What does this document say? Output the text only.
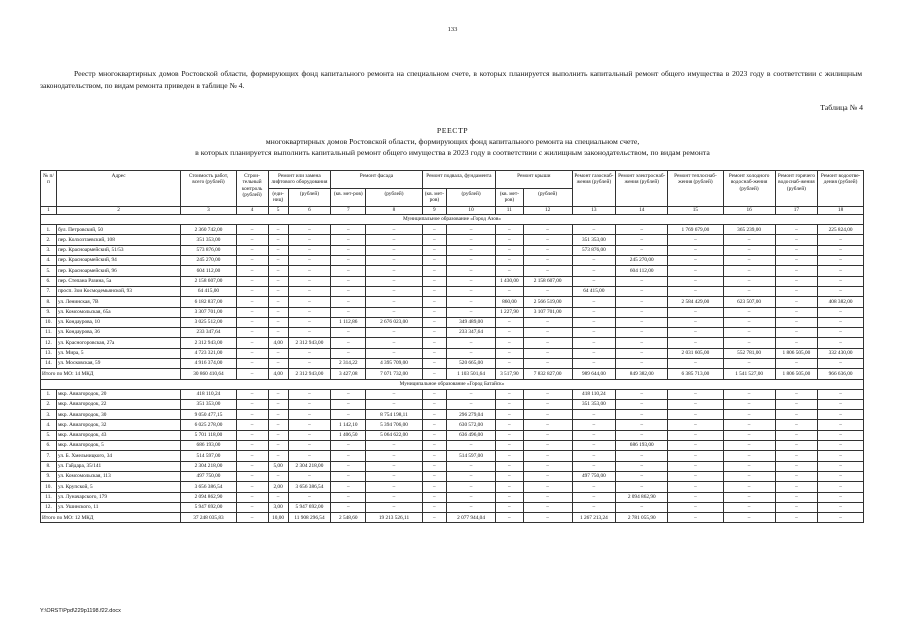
133
Реестр многоквартирных домов Ростовской области, формирующих фонд капитального ремонта на специальном счете, в которых планируется выполнить капитальный ремонт общего имущества в 2023 году в соответствии с жилищным законодательством, по видам ремонта приведен в таблице № 4.
Таблица № 4
РЕЕСТР
многоквартирных домов Ростовской области, формирующих фонд капитального ремонта на специальном счете,
в которых планируется выполнить капитальный ремонт общего имущества в 2023 году в соответствии с жилищным законодательством, по видам ремонта
№ п/п	Адрес	Стоимость работ, всего (рублей)	Строи-тельный контроль (рублей)	Ремонт или замена лифтового оборудования		Ремонт фасада		Ремонт подвала, фундамента		Ремонт крыши		Ремонт газоснаб-жения (рублей)	Ремонт электроснаб-жения (рублей)	Ремонт теплоснаб-жения (рублей)	Ремонт холодного водоснаб-жения (рублей)	Ремонт горячего водоснаб-жения (рублей)	Ремонт водоотве-дения (рублей)
				(еди-ниц)	(рублей)	(кв. мет-ров)	(рублей)	(кв. мет-ров)	(рублей)	(кв. мет-ров)	(рублей)						
1	2	3	4	5	6	7	8	9	10	11	12	13	14	15	16	17	18
Муниципальное образование «Город Азов»																	
1.	бул. Петровский, 50	2 360 742,00	–	–	–	–	–	–	–	–	–	–	–	1 769 679,00	365 239,00	–	225 824,00
2.	пер. Колхозтаевский, 108	351 353,00	–	–	–	–	–	–	–	–	–	351 353,00	–	–	–	–	–
3.	пер. Красноармейский, 51/53	573 876,00	–	–	–	–	–	–	–	–	–	573 876,00	–	–	–	–	–
4.	пер. Красноармейский, 94	245 270,00	–	–	–	–	–	–	–	–	–	–	245 270,00	–	–	–	–
5.	пер. Красноармейский, 96	604 112,00	–	–	–	–	–	–	–	–	–	–	604 112,00	–	–	–	–
6.	пер. Степана Разина, 5а	2 158 607,00	–	–	–	–	–	–	–	1 430,00	2 158 607,00	–	–	–	–	–	–
7.	просп. Зои Космодемьянской, 93	64 415,00	–	–	–	–	–	–	–	–	–	64 415,00	–	–	–	–	–
8.	ул. Ленинская, 7В	6 182 837,00	–	–	–	–	–	–	–	860,00	2 566 519,00	–	–	2 584 429,00	623 507,00	–	408 382,00
9.	ул. Комсомольская, 65а	3 307 701,00	–	–	–	–	–	–	–	1 227,90	3 107 701,00	–	–	–	–	–	–
10.	ул. Кондаурова, 10	3 025 512,00	–	–	–	1 112,86	2 676 023,00	–	349 489,00	–	–	–	–	–	–	–	–
11.	ул. Кондаурова, 36	233 347,64	–	–	–	–	–	–	233 347,64	–	–	–	–	–	–	–	–
12.	ул. Красногоровская, 27а	2 312 943,00	–	4,00	2 312 943,00	–	–	–	–	–	–	–	–	–	–	–	–
13.	ул. Мира, 5	4 723 321,00	–	–	–	–	–	–	–	–	–	–	–	2 031 605,00	552 781,00	1 806 505,00	332 430,00
14.	ул. Московская, 59	4 916 374,00	–	–	–	2 314,22	4 395 709,00	–	520 665,00	–	–	–	–	–	–	–	–
Итого по МО: 14 МКД		30 860 410,64	–	4,00	2 312 943,00	3 427,08	7 071 732,00	–	1 103 501,64	3 517,90	7 832 827,00	989 644,00	849 382,00	6 385 713,00	1 541 527,00	1 806 505,00	966 636,00
Муниципальное образование «Город Батайск»																	
1.	мкр. Авиагородок, 20	418 110,24	–	–	–	–	–	–	–	–	–	418 110,24	–	–	–	–	–
2.	мкр. Авиагородок, 22	351 353,00	–	–	–	–	–	–	–	–	–	351 353,00	–	–	–	–	–
3.	мкр. Авиагородок, 30	9 050 477,15	–	–	–	–	8 754 198,11	–	296 279,04	–	–	–	–	–	–	–	–
4.	мкр. Авиагородок, 32	6 025 278,00	–	–	–	1 142,10	5 394 706,00	–	630 572,00	–	–	–	–	–	–	–	–
5.	мкр. Авиагородок, 43	5 701 118,00	–	–	–	1 406,50	5 064 622,00	–	636 496,00	–	–	–	–	–	–	–	–
6.	мкр. Авиагородок, 5	686 193,00	–	–	–	–	–	–	–	–	–	–	686 193,00	–	–	–	–
7.	ул. Б. Хмельницкого, 34	514 597,00	–	–	–	–	–	–	514 597,00	–	–	–	–	–	–	–	–
8.	ул. Гайдара, 35/141	2 304 218,00	–	5,00	2 304 218,00	–	–	–	–	–	–	–	–	–	–	–	–
9.	ул. Комсомольская, 113	497 750,00	–	–	–	–	–	–	–	–	–	497 750,00	–	–	–	–	–
10.	ул. Крупской, 5	3 656 386,54	–	2,00	3 656 386,54	–	–	–	–	–	–	–	–	–	–	–	–
11.	ул. Луначарского, 179	2 094 862,90	–	–	–	–	–	–	–	–	–	–	2 094 862,90	–	–	–	–
12.	ул. Ушинского, 11	5 947 692,00	–	3,00	5 947 692,00	–	–	–	–	–	–	–	–	–	–	–	–
Итого по МО: 12 МКД		37 248 035,83	–	10,00	11 908 296,54	2 548,60	19 213 526,11	–	2 077 944,04	–	–	1 267 213,24	2 781 055,90	–	–	–	–
Y:\ORST\Ppd\229p1198.f22.docx
